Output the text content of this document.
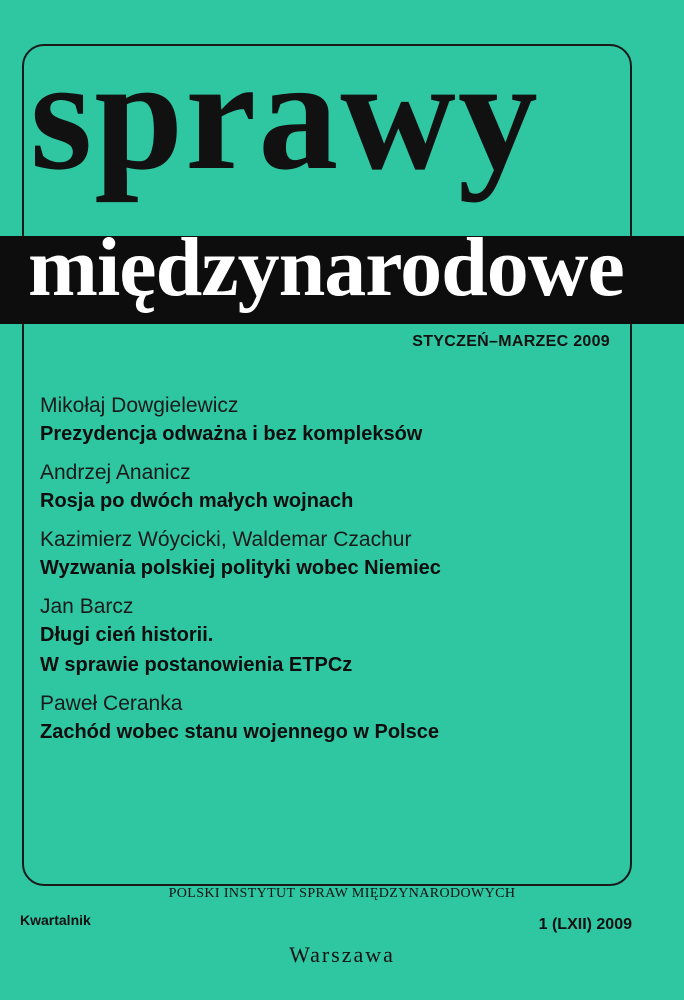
sprawy
międzynarodowe
STYCZEŃ–MARZEC 2009
Mikołaj Dowgielewicz
Prezydencja odważna i bez kompleksów
Andrzej Ananicz
Rosja po dwóch małych wojnach
Kazimierz Wóycicki, Waldemar Czachur
Wyzwania polskiej polityki wobec Niemiec
Jan Barcz
Długi cień historii.
W sprawie postanowienia ETPCz
Paweł Ceranka
Zachód wobec stanu wojennego w Polsce
POLSKI INSTYTUT SPRAW MIĘDZYNARODOWYCH
Kwartalnik	1 (LXII) 2009
Warszawa
